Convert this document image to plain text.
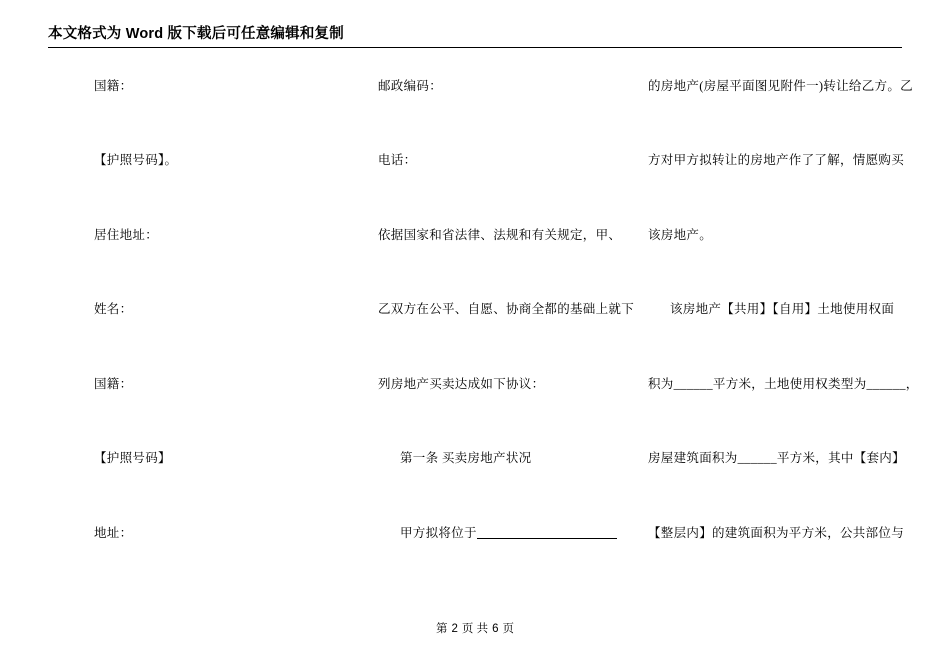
本文格式为 Word 版下载后可任意编辑和复制
国籍：
【护照号码】。
居住地址：
姓名：
国籍：
【护照号码】
地址：
邮政编码：
电话：
依据国家和省法律、法规和有关规定，甲、
乙双方在公平、自愿、协商全都的基础上就下
列房地产买卖达成如下协议：
第一条 买卖房地产状况
甲方拟将位于
的房地产(房屋平面图见附件一)转让给乙方。乙
方对甲方拟转让的房地产作了了解，情愿购买
该房地产。
该房地产【共用】【自用】土地使用权面
积为______平方米，土地使用权类型为______，
房屋建筑面积为______平方米，其中【套内】
【整层内】的建筑面积为平方米，公共部位与
第 2 页 共 6 页
